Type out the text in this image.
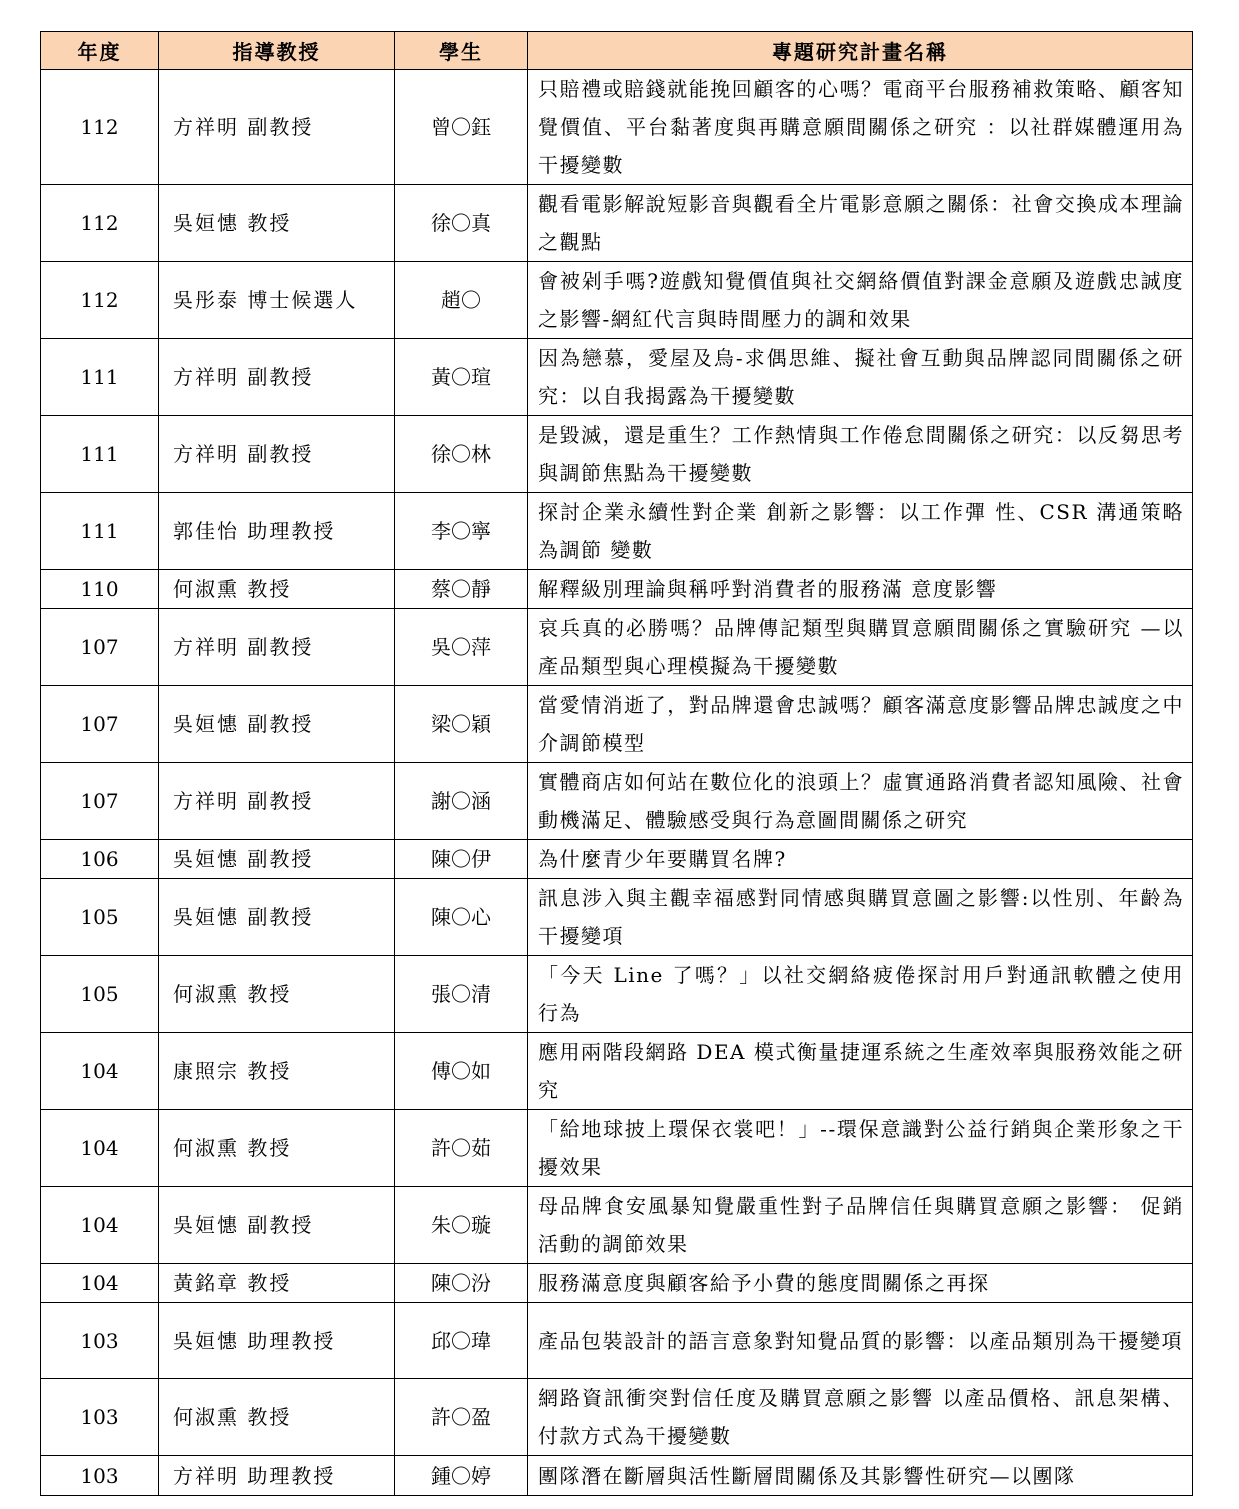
年度	指導教授	學生	專題研究計畫名稱
112	方祥明 副教授	曾〇鈺	只賠禮或賠錢就能挽回顧客的心嗎？電商平台服務補救策略、顧客知覺價值、平台黏著度與再購意願間關係之研究 ：以社群媒體運用為干擾變數
112	吳姮憓 教授	徐〇真	觀看電影解說短影音與觀看全片電影意願之關係：社會交換成本理論之觀點
112	吳彤泰 博士候選人	趙〇	會被剁手嗎?遊戲知覺價值與社交網絡價值對課金意願及遊戲忠誠度之影響-網紅代言與時間壓力的調和效果
111	方祥明 副教授	黃〇瑄	因為戀慕，愛屋及烏-求偶思維、擬社會互動與品牌認同間關係之研究：以自我揭露為干擾變數
111	方祥明 副教授	徐〇林	是毀滅，還是重生？工作熱情與工作倦怠間關係之研究：以反芻思考與調節焦點為干擾變數
111	郭佳怡 助理教授	李〇寧	探討企業永續性對企業 創新之影響：以工作彈 性、CSR 溝通策略為調節 變數
110	何淑熏 教授	蔡〇靜	解釋級別理論與稱呼對消費者的服務滿 意度影響
107	方祥明 副教授	吳〇萍	哀兵真的必勝嗎？品牌傳記類型與購買意願間關係之實驗研究 —以產品類型與心理模擬為干擾變數
107	吳姮憓 副教授	梁〇穎	當愛情消逝了，對品牌還會忠誠嗎？顧客滿意度影響品牌忠誠度之中介調節模型
107	方祥明 副教授	謝〇涵	實體商店如何站在數位化的浪頭上？虛實通路消費者認知風險、社會動機滿足、體驗感受與行為意圖間關係之研究
106	吳姮憓 副教授	陳〇伊	為什麼青少年要購買名牌?
105	吳姮憓 副教授	陳〇心	訊息涉入與主觀幸福感對同情感與購買意圖之影響:以性別、年齡為干擾變項
105	何淑熏 教授	張〇清	「今天 Line 了嗎？」以社交網絡疲倦探討用戶對通訊軟體之使用行為
104	康照宗 教授	傅〇如	應用兩階段網路 DEA 模式衡量捷運系統之生產效率與服務效能之研究
104	何淑熏 教授	許〇茹	「給地球披上環保衣裳吧！」--環保意識對公益行銷與企業形象之干擾效果
104	吳姮憓 副教授	朱〇璇	母品牌食安風暴知覺嚴重性對子品牌信任與購買意願之影響： 促銷活動的調節效果
104	黃銘章 教授	陳〇汾	服務滿意度與顧客給予小費的態度間關係之再探
103	吳姮憓 助理教授	邱〇瑋	產品包裝設計的語言意象對知覺品質的影響：以產品類別為干擾變項
103	何淑熏 教授	許〇盈	網路資訊衝突對信任度及購買意願之影響 以產品價格、訊息架構、付款方式為干擾變數
103	方祥明 助理教授	鍾〇婷	團隊潛在斷層與活性斷層間關係及其影響性研究—以團隊
